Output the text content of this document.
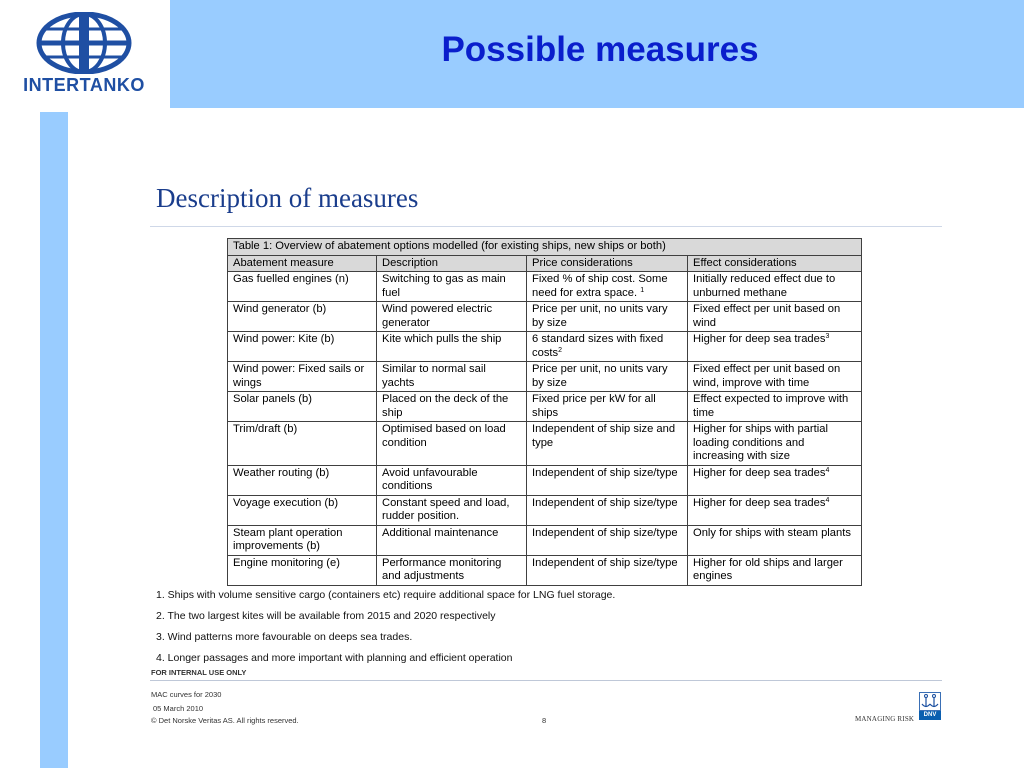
INTERTANKO
Possible measures
Description of measures
Table 1: Overview of abatement options modelled (for existing ships, new ships or both)			
Abatement measure	Description	Price considerations	Effect considerations
Gas fuelled engines (n)	Switching to gas as main fuel	Fixed % of ship cost. Some need for extra space. $^1$	Initially reduced effect due to unburned methane
Wind generator (b)	Wind powered electric generator	Price per unit, no units vary by size	Fixed effect per unit based on wind
Wind power: Kite (b)	Kite which pulls the ship	6 standard sizes with fixed costs$^2$	Higher for deep sea trades$^3$
Wind power: Fixed sails or wings	Similar to normal sail yachts	Price per unit, no units vary by size	Fixed effect per unit based on wind, improve with time
Solar panels (b)	Placed on the deck of the ship	Fixed price per kW for all ships	Effect expected to improve with time
Trim/draft (b)	Optimised based on load condition	Independent of ship size and type	Higher for ships with partial loading conditions and increasing with size
Weather routing (b)	Avoid unfavourable conditions	Independent of ship size/type	Higher for deep sea trades$^4$
Voyage execution (b)	Constant speed and load, rudder position.	Independent of ship size/type	Higher for deep sea trades$^4$
Steam plant operation improvements (b)	Additional maintenance	Independent of ship size/type	Only for ships with steam plants
Engine monitoring (e)	Performance monitoring and adjustments	Independent of ship size/type	Higher for old ships and larger engines

1. Ships with volume sensitive cargo (containers etc) require additional space for LNG fuel storage.

2. The two largest kites will be available from 2015 and 2020 respectively

3. Wind patterns more favourable on deeps sea trades.

4. Longer passages and more important with planning and efficient operation

FOR INTERNAL USE ONLY
MAC curves for 2030
05 March 2010
© Det Norske Veritas AS. All rights reserved.	8	MANAGING RISK	DNV
